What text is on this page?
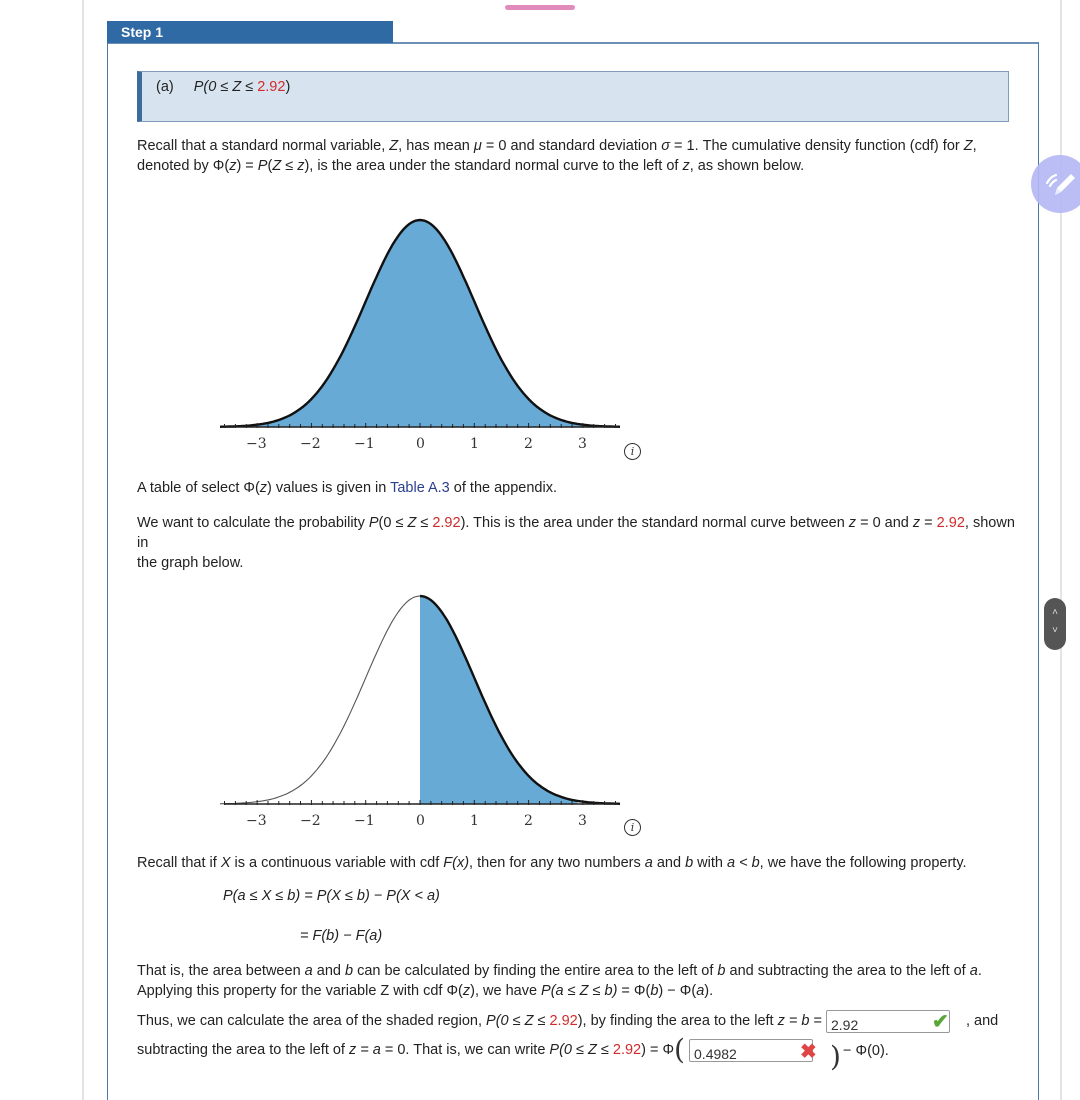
Step 1
(a) P(0 ≤ Z ≤ 2.92)
Recall that a standard normal variable, Z, has mean μ = 0 and standard deviation σ = 1. The cumulative density function (cdf) for Z,
denoted by Φ(z) = P(Z ≤ z), is the area under the standard normal curve to the left of z, as shown below.
−3 −2 −1	0	1	2	3	i
A table of select Φ(z) values is given in Table A.3 of the appendix.
We want to calculate the probability P(0 ≤ Z ≤ 2.92). This is the area under the standard normal curve between z = 0 and z = 2.92, shown in
the graph below.
−3 −2 −1	0	1	2	3	i
Recall that if X is a continuous variable with cdf F(x), then for any two numbers a and b with a < b, we have the following property.
P(a ≤ X ≤ b) = P(X ≤ b) − P(X < a)
= F(b) − F(a)
That is, the area between a and b can be calculated by finding the entire area to the left of b and subtracting the area to the left of a.
Applying this property for the variable Z with cdf Φ(z), we have P(a ≤ Z ≤ b) = Φ(b) − Φ(a).
Thus, we can calculate the area of the shaded region, P(0 ≤ Z ≤ 2.92), by finding the area to the left z = b = 2.92	✔ , and
subtracting the area to the left of z = a = 0. That is, we can write P(0 ≤ Z ≤ 2.92) = Φ( 0.4982	✖ ) − Φ(0).
˄
˅
